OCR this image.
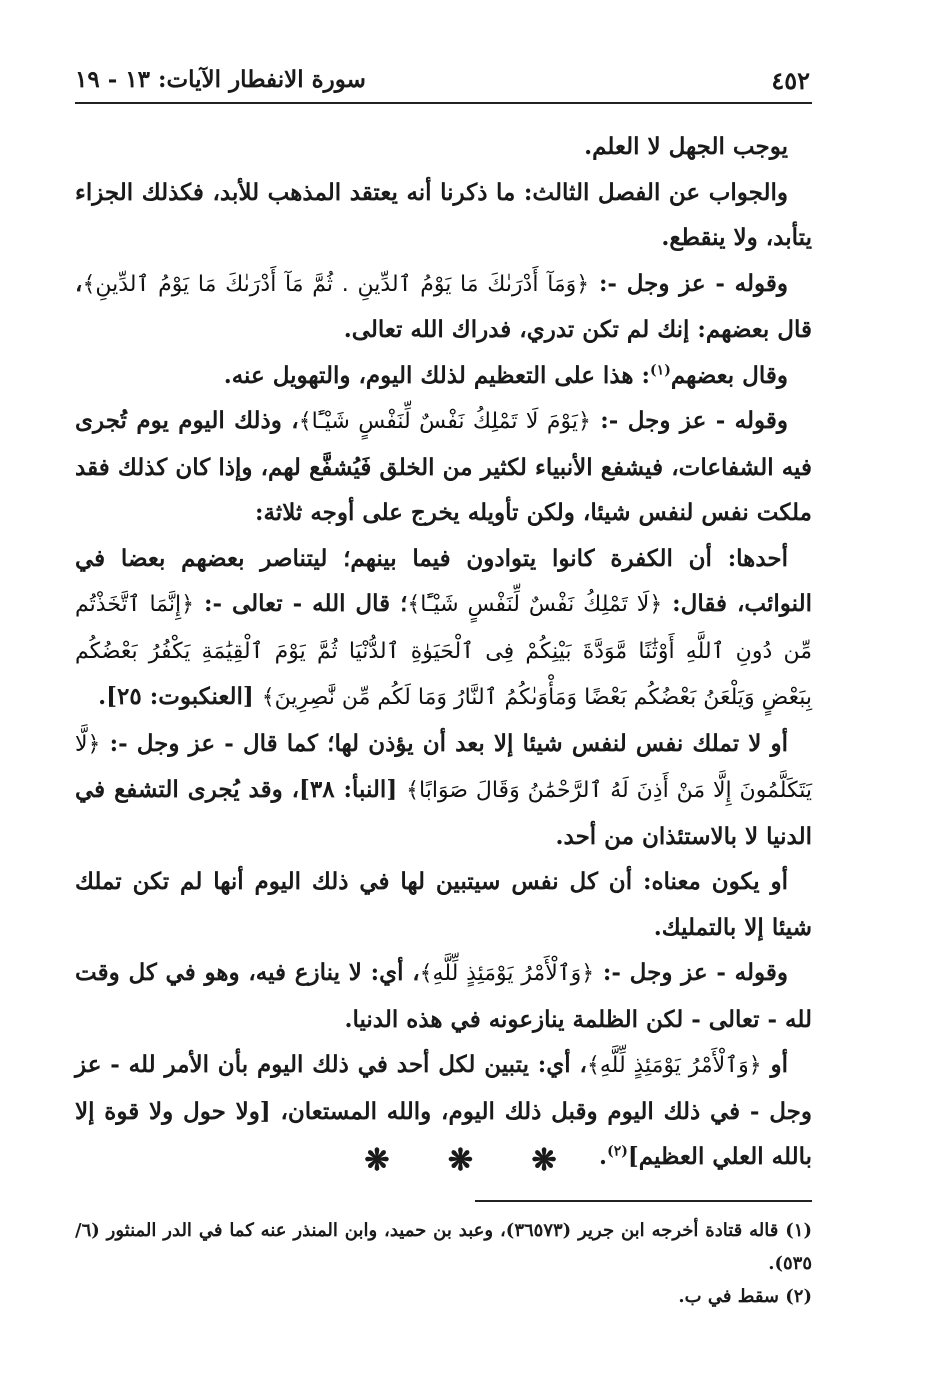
٤٥٢
سورة الانفطار الآيات: ١٣ - ١٩

يوجب الجهل لا العلم.

والجواب عن الفصل الثالث: ما ذكرنا أنه يعتقد المذهب للأبد، فكذلك الجزاء يتأبد، ولا ينقطع.

وقوله - عز وجل -: ﴿وَمَآ أَدْرَىٰكَ مَا يَوْمُ ٱلدِّينِ . ثُمَّ مَآ أَدْرَىٰكَ مَا يَوْمُ ٱلدِّينِ﴾، قال بعضهم: إنك لم تكن تدري، فدراك الله تعالى.

وقال بعضهم$^{(١)}$: هذا على التعظيم لذلك اليوم، والتهويل عنه.

وقوله - عز وجل -: ﴿يَوْمَ لَا تَمْلِكُ نَفْسٌ لِّنَفْسٍ شَيْـًٔا﴾، وذلك اليوم يوم تُجرى فيه الشفاعات، فيشفع الأنبياء لكثير من الخلق فَيُشفَّع لهم، وإذا كان كذلك فقد ملكت نفس لنفس شيئا، ولكن تأويله يخرج على أوجه ثلاثة:

أحدها: أن الكفرة كانوا يتوادون فيما بينهم؛ ليتناصر بعضهم بعضا في النوائب، فقال: ﴿لَا تَمْلِكُ نَفْسٌ لِّنَفْسٍ شَيْـًٔا﴾؛ قال الله - تعالى -: ﴿إِنَّمَا ٱتَّخَذْتُم مِّن دُونِ ٱللَّهِ أَوْثَٰنًا مَّوَدَّةَ بَيْنِكُمْ فِى ٱلْحَيَوٰةِ ٱلدُّنْيَا ثُمَّ يَوْمَ ٱلْقِيَٰمَةِ يَكْفُرُ بَعْضُكُم بِبَعْضٍ وَيَلْعَنُ بَعْضُكُم بَعْضًا وَمَأْوَىٰكُمُ ٱلنَّارُ وَمَا لَكُم مِّن نَّٰصِرِينَ﴾ [العنكبوت: ٢٥].

أو لا تملك نفس لنفس شيئا إلا بعد أن يؤذن لها؛ كما قال - عز وجل -: ﴿لَّا يَتَكَلَّمُونَ إِلَّا مَنْ أَذِنَ لَهُ ٱلرَّحْمَٰنُ وَقَالَ صَوَابًا﴾ [النبأ: ٣٨]، وقد يُجرى التشفع في الدنيا لا بالاستئذان من أحد.

أو يكون معناه: أن كل نفس سيتبين لها في ذلك اليوم أنها لم تكن تملك شيئا إلا بالتمليك.

وقوله - عز وجل -: ﴿وَٱلْأَمْرُ يَوْمَئِذٍ لِّلَّهِ﴾، أي: لا ينازع فيه، وهو في كل وقت لله - تعالى - لكن الظلمة ينازعونه في هذه الدنيا.

أو ﴿وَٱلْأَمْرُ يَوْمَئِذٍ لِّلَّهِ﴾، أي: يتبين لكل أحد في ذلك اليوم بأن الأمر لله - عز وجل - في ذلك اليوم وقبل ذلك اليوم، والله المستعان، [ولا حول ولا قوة إلا بالله العلي العظيم]$^{(٢)}$.

❋ ❋ ❋

(١) قاله قتادة أخرجه ابن جرير (٣٦٥٧٣)، وعبد بن حميد، وابن المنذر عنه كما في الدر المنثور (٦/ ٥٣٥).

(٢) سقط في ب.
